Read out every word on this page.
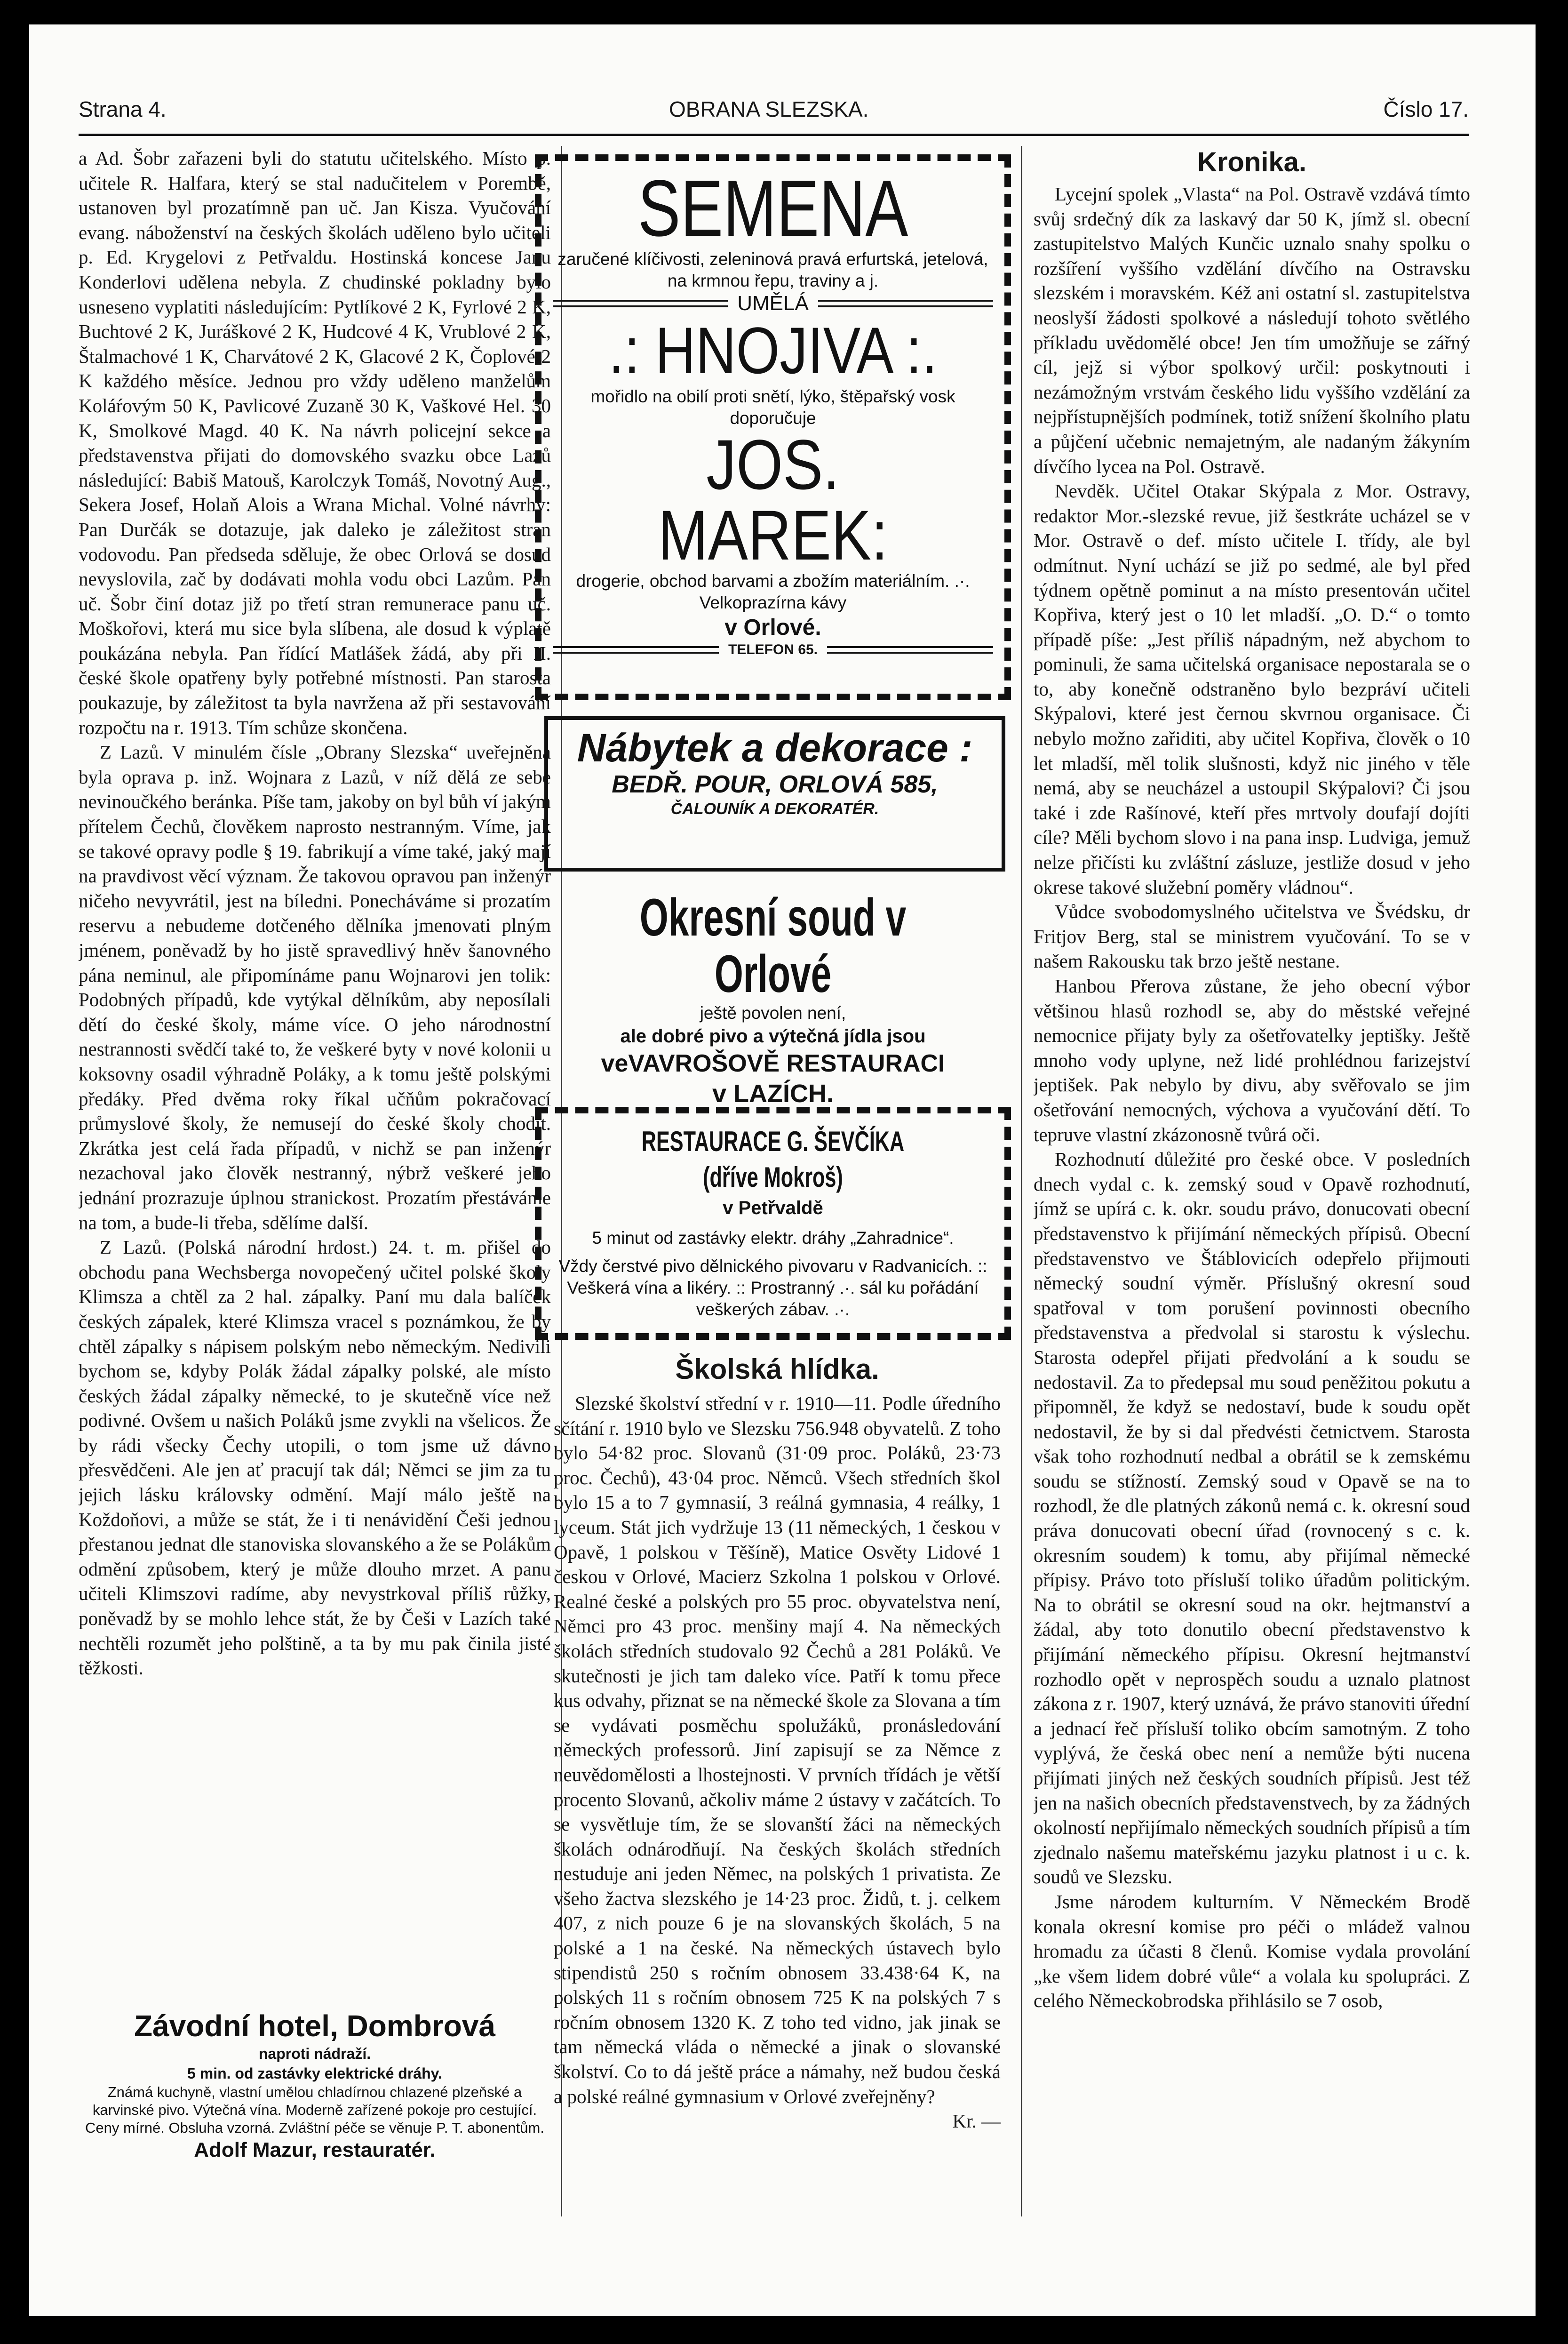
Strana 4.	OBRANA SLEZSKA.	Číslo 17.

a Ad. Šobr zařazeni byli do statutu učitelského. Místo p. učitele R. Halfara, který se stal nadučitelem v Porembě, ustanoven byl prozatímně pan uč. Jan Kisza. Vyučování evang. náboženství na českých školách uděleno bylo učiteli p. Ed. Krygelovi z Petřvaldu. Hostinská koncese Janu Konderlovi udělena nebyla. Z chudinské pokladny bylo usneseno vyplatiti následujícím: Pytlíkové 2 K, Fyrlové 2 K, Buchtové 2 K, Juráškové 2 K, Hudcové 4 K, Vrublové 2 K, Štalmachové 1 K, Charvátové 2 K, Glacové 2 K, Čoplové 2 K každého měsíce. Jednou pro vždy uděleno manželům Koláŕovým 50 K, Pavlicové Zuzaně 30 K, Vaškové Hel. 30 K, Smolkové Magd. 40 K. Na návrh policejní sekce a představenstva přijati do domovského svazku obce Lazů následující: Babiš Matouš, Karolczyk Tomáš, Novotný Aug., Sekera Josef, Holaň Alois a Wrana Michal. Volné návrhy: Pan Durčák se dotazuje, jak daleko je záležitost stran vodovodu. Pan předseda sděluje, že obec Orlová se dosud nevyslovila, zač by dodávati mohla vodu obci Lazům. Pan uč. Šobr činí dotaz již po třetí stran remunerace panu uč. Moškořovi, která mu sice byla slíbena, ale dosud k výplatě poukázána nebyla. Pan řídící Matlášek žádá, aby při II. české škole opatřeny byly potřebné místnosti. Pan starosta poukazuje, by záležitost ta byla navržena až při sestavování rozpočtu na r. 1913. Tím schůze skončena.

Z Lazů. V minulém čísle „Obrany Slezska“ uveřejněna byla oprava p. inž. Wojnara z Lazů, v níž dělá ze sebe nevinoučkého beránka. Píše tam, jakoby on byl bůh ví jakým přítelem Čechů, člověkem naprosto nestranným. Víme, jak se takové opravy podle § 19. fabrikují a víme také, jaký mají na pravdivost věcí význam. Že takovou opravou pan inženýr ničeho nevyvrátil, jest na bíledni. Ponecháváme si prozatím reservu a nebudeme dotčeného dělníka jmenovati plným jménem, poněvadž by ho jistě spravedlivý hněv šanovného pána neminul, ale připomínáme panu Wojnarovi jen tolik: Podobných případů, kde vytýkal dělníkům, aby neposílali dětí do české školy, máme více. O jeho národnostní nestrannosti svědčí také to, že veškeré byty v nové kolonii u koksovny osadil výhradně Poláky, a k tomu ještě polskými předáky. Před dvěma roky říkal učňům pokračovací průmyslové školy, že nemusejí do české školy chodit. Zkrátka jest celá řada případů, v nichž se pan inženýr nezachoval jako člověk nestranný, nýbrž veškeré jeho jednání prozrazuje úplnou stranickost. Prozatím přestáváme na tom, a bude-li třeba, sdělíme další.

Z Lazů. (Polská národní hrdost.) 24. t. m. přišel do obchodu pana Wechsberga novopečený učitel polské školy Klimsza a chtěl za 2 hal. zápalky. Paní mu dala balíček českých zápalek, které Klimsza vracel s poznámkou, že by chtěl zápalky s nápisem polským nebo německým. Nedivili bychom se, kdyby Polák žádal zápalky polské, ale místo českých žádal zápalky německé, to je skutečně více než podivné. Ovšem u našich Poláků jsme zvykli na všelicos. Že by rádi všecky Čechy utopili, o tom jsme už dávno přesvědčeni. Ale jen ať pracují tak dál; Němci se jim za tu jejich lásku královsky odmění. Mají málo ještě na Koždoňovi, a může se stát, že i ti nenávidění Češi jednou přestanou jednat dle stanoviska slovanského a že se Polákům odmění způsobem, který je může dlouho mrzet. A panu učiteli Klimszovi radíme, aby nevystrkoval příliš růžky, poněvadž by se mohlo lehce stát, že by Češi v Lazích také nechtěli rozumět jeho polštině, a ta by mu pak činila jisté těžkosti.

SEMENA
zaručené klíčivosti, zeleninová pravá erfurtská, jetelová, na krmnou řepu, traviny a j.
UMĚLÁ
.: HNOJIVA :.
mořidlo na obilí proti snětí, lýko, štěpařský vosk doporučuje
JOS. MAREK:
drogerie, obchod barvami a zbožím materiálním. .·. Velkoprazírna kávy
v Orlové.
TELEFON 65.
Nábytek a dekorace :
BEDŘ. POUR, ORLOVÁ 585,
ČALOUNÍK A DEKORATÉR.
Okresní soud v Orlové
ještě povolen není,
ale dobré pivo a výtečná jídla jsou
veVAVROŠOVĚ RESTAURACI
v LAZÍCH.
RESTAURACE G. ŠEVČÍKA (dříve Mokroš)
v Petřvaldě
5 minut od zastávky elektr. dráhy „Zahradnice“.
Vždy čerstvé pivo dělnického pivovaru v Radvanicích. :: Veškerá vína a likéry. :: Prostranný .·. sál ku pořádání veškerých zábav. .·.
Školská hlídka.

Slezské školství střední v r. 1910—11. Podle úředního sčítání r. 1910 bylo ve Slezsku 756.948 obyvatelů. Z toho bylo 54·82 proc. Slovanů (31·09 proc. Poláků, 23·73 proc. Čechů), 43·04 proc. Němců. Všech středních škol bylo 15 a to 7 gymnasií, 3 reálná gymnasia, 4 reálky, 1 lyceum. Stát jich vydržuje 13 (11 německých, 1 českou v Opavě, 1 polskou v Těšíně), Matice Osvěty Lidové 1 českou v Orlové, Macierz Szkolna 1 polskou v Orlové. Realné české a polských pro 55 proc. obyvatelstva není, Němci pro 43 proc. menšiny mají 4. Na německých školách středních studovalo 92 Čechů a 281 Poláků. Ve skutečnosti je jich tam daleko více. Patří k tomu přece kus odvahy, přiznat se na německé škole za Slovana a tím se vydávati posměchu spolužáků, pronásledování německých professorů. Jiní zapisují se za Němce z neuvědomělosti a lhostejnosti. V prvních třídách je větší procento Slovanů, ačkoliv máme 2 ústavy v začátcích. To se vysvětluje tím, že se slovanští žáci na německých školách odnárodňují. Na českých školách středních nestuduje ani jeden Němec, na polských 1 privatista. Ze všeho žactva slezského je 14·23 proc. Židů, t. j. celkem 407, z nich pouze 6 je na slovanských školách, 5 na polské a 1 na české. Na německých ústavech bylo stipendistů 250 s ročním obnosem 33.438·64 K, na polských 11 s ročním obnosem 725 K na polských 7 s ročním obnosem 1320 K. Z toho ted vidno, jak jinak se tam německá vláda o německé a jinak o slovanské školství. Co to dá ještě práce a námahy, než budou česká a polské reálné gymnasium v Orlové zveřejněny?

Kr. —
Kronika.

Lycejní spolek „Vlasta“ na Pol. Ostravě vzdává tímto svůj srdečný dík za laskavý dar 50 K, jímž sl. obecní zastupitelstvo Malých Kunčic uznalo snahy spolku o rozšíření vyššího vzdělání dívčího na Ostravsku slezském i moravském. Kéž ani ostatní sl. zastupitelstva neoslyší žádosti spolkové a následují tohoto světlého příkladu uvědomělé obce! Jen tím umožňuje se zářný cíl, jejž si výbor spolkový určil: poskytnouti i nezámožným vrstvám českého lidu vyššího vzdělání za nejpřístupnějších podmínek, totiž snížení školního platu a půjčení učebnic nemajetným, ale nadaným žákyním dívčího lycea na Pol. Ostravě.

Nevděk. Učitel Otakar Skýpala z Mor. Ostravy, redaktor Mor.-slezské revue, již šestkráte ucházel se v Mor. Ostravě o def. místo učitele I. třídy, ale byl odmítnut. Nyní uchází se již po sedmé, ale byl před týdnem opětně pominut a na místo presentován učitel Kopřiva, který jest o 10 let mladší. „O. D.“ o tomto případě píše: „Jest příliš nápadným, než abychom to pominuli, že sama učitelská organisace nepostarala se o to, aby konečně odstraněno bylo bezpráví učiteli Skýpalovi, které jest černou skvrnou organisace. Či nebylo možno zařiditi, aby učitel Kopřiva, člověk o 10 let mladší, měl tolik slušnosti, když nic jiného v těle nemá, aby se neucházel a ustoupil Skýpalovi? Či jsou také i zde Rašínové, kteří přes mrtvoly doufají dojíti cíle? Měli bychom slovo i na pana insp. Ludviga, jemuž nelze přičísti ku zvláštní zásluze, jestliže dosud v jeho okrese takové služební poměry vládnou“.

Vůdce svobodomyslného učitelstva ve Švédsku, dr Fritjov Berg, stal se ministrem vyučování. To se v našem Rakousku tak brzo ještě nestane.

Hanbou Přerova zůstane, že jeho obecní výbor většinou hlasů rozhodl se, aby do městské veřejné nemocnice přijaty byly za ošetřovatelky jeptišky. Ještě mnoho vody uplyne, než lidé prohlédnou farizejství jeptišek. Pak nebylo by divu, aby svěřovalo se jim ošetřování nemocných, výchova a vyučování dětí. To tepruve vlastní zkázonosně tvůrá oči.

Rozhodnutí důležité pro české obce. V posledních dnech vydal c. k. zemský soud v Opavě rozhodnutí, jímž se upírá c. k. okr. soudu právo, donucovati obecní představenstvo k přijímání německých přípisů. Obecní představenstvo ve Štáblovicích odepřelo přijmouti německý soudní výměr. Příslušný okresní soud spatřoval v tom porušení povinnosti obecního představenstva a předvolal si starostu k výslechu. Starosta odepřel přijati předvolání a k soudu se nedostavil. Za to předepsal mu soud peněžitou pokutu a připomněl, že když se nedostaví, bude k soudu opět nedostavil, že by si dal předvésti četnictvem. Starosta však toho rozhodnutí nedbal a obrátil se k zemskému soudu se stížností. Zemský soud v Opavě se na to rozhodl, že dle platných zákonů nemá c. k. okresní soud práva donucovati obecní úřad (rovnocený s c. k. okresním soudem) k tomu, aby přijímal německé přípisy. Právo toto přísluší toliko úřadům politickým. Na to obrátil se okresní soud na okr. hejtmanství a žádal, aby toto donutilo obecní představenstvo k přijímání německého přípisu. Okresní hejtmanství rozhodlo opět v neprospěch soudu a uznalo platnost zákona z r. 1907, který uznává, že právo stanoviti úřední a jednací řeč přísluší toliko obcím samotným. Z toho vyplývá, že česká obec není a nemůže býti nucena přijímati jiných než českých soudních přípisů. Jest též jen na našich obecních představenstvech, by za žádných okolností nepřijímalo německých soudních přípisů a tím zjednalo našemu mateřskému jazyku platnost i u c. k. soudů ve Slezsku.

Jsme národem kulturním. V Německém Brodě konala okresní komise pro péči o mládež valnou hromadu za účasti 8 členů. Komise vydala provolání „ke všem lidem dobré vůle“ a volala ku spolupráci. Z celého Německobrodska přihlásilo se 7 osob,

Závodní hotel, Dombrová
naproti nádraží.
5 min. od zastávky elektrické dráhy.
Známá kuchyně, vlastní umělou chladírnou chlazené plzeňské a karvinské pivo. Výtečná vína. Moderně zařízené pokoje pro cestující. Ceny mírné. Obsluha vzorná. Zvláštní péče se věnuje P. T. abonentům.
Adolf Mazur, restauratér.
